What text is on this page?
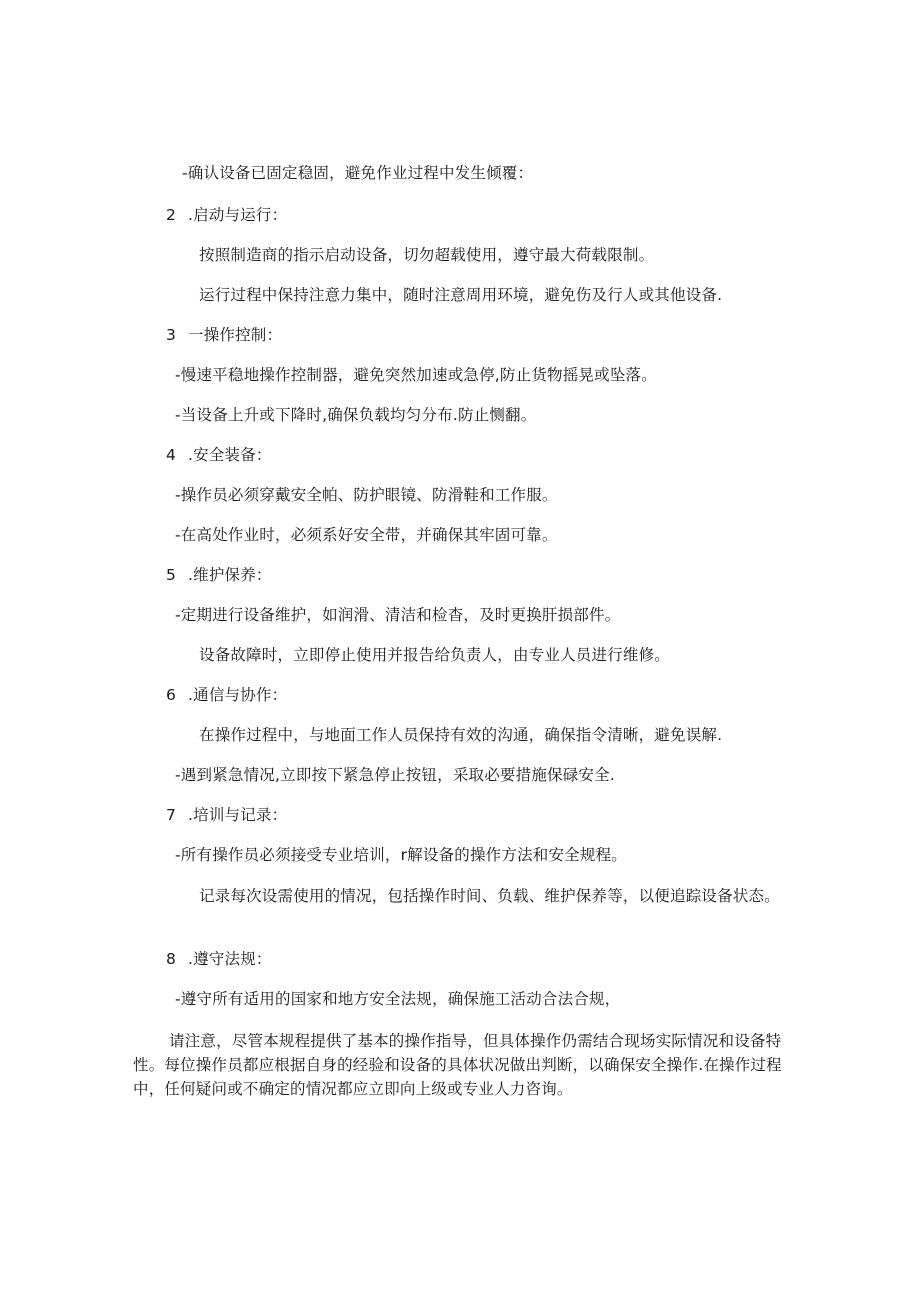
-确认设备已固定稳固，避免作业过程中发生倾覆：
2 .启动与运行：
按照制造商的指示启动设备，切勿超载使用，遵守最大荷载限制。
运行过程中保持注意力集中，随时注意周用环境，避免伤及行人或其他设备.
3 一操作控制：
-慢速平稳地操作控制器，避免突然加速或急停,防止货物摇晃或坠落。
-当设备上升或下降时,确保负载均匀分布.防止恻翻。
4 .安全装备：
-操作员必须穿戴安全帕、防护眼镜、防滑鞋和工作服。
-在高处作业时，必须系好安全带，并确保其牢固可靠。
5 .维护保养：
-定期进行设备维护，如润滑、清洁和检杳，及时更换肝损部件。
设备故障时，立即停止使用并报告给负责人，由专业人员进行维修。
6 .通信与协作：
在操作过程中，与地面工作人员保持有效的沟通，确保指令清晰，避免误解.
-遇到紧急情况,立即按下紧急停止按钮，采取必要措施保碌安全.
7 .培训与记录：
-所有操作员必须接受专业培训，r解设备的操作方法和安全规程。
记录每次设需使用的情况，包括操作时间、负载、维护保养等，以便追踪设备状态。
8 .遵守法规：
-遵守所有适用的国家和地方安全法规，确保施工活动合法合规，
请注意，尽管本规程提供了基本的操作指导，但具体操作仍需结合现场实际情况和设备特性。每位操作员都应根据自身的经验和设备的具体状况做出判断，以确保安全操作.在操作过程中，任何疑问或不确定的情况都应立即向上级或专业人力咨询。
